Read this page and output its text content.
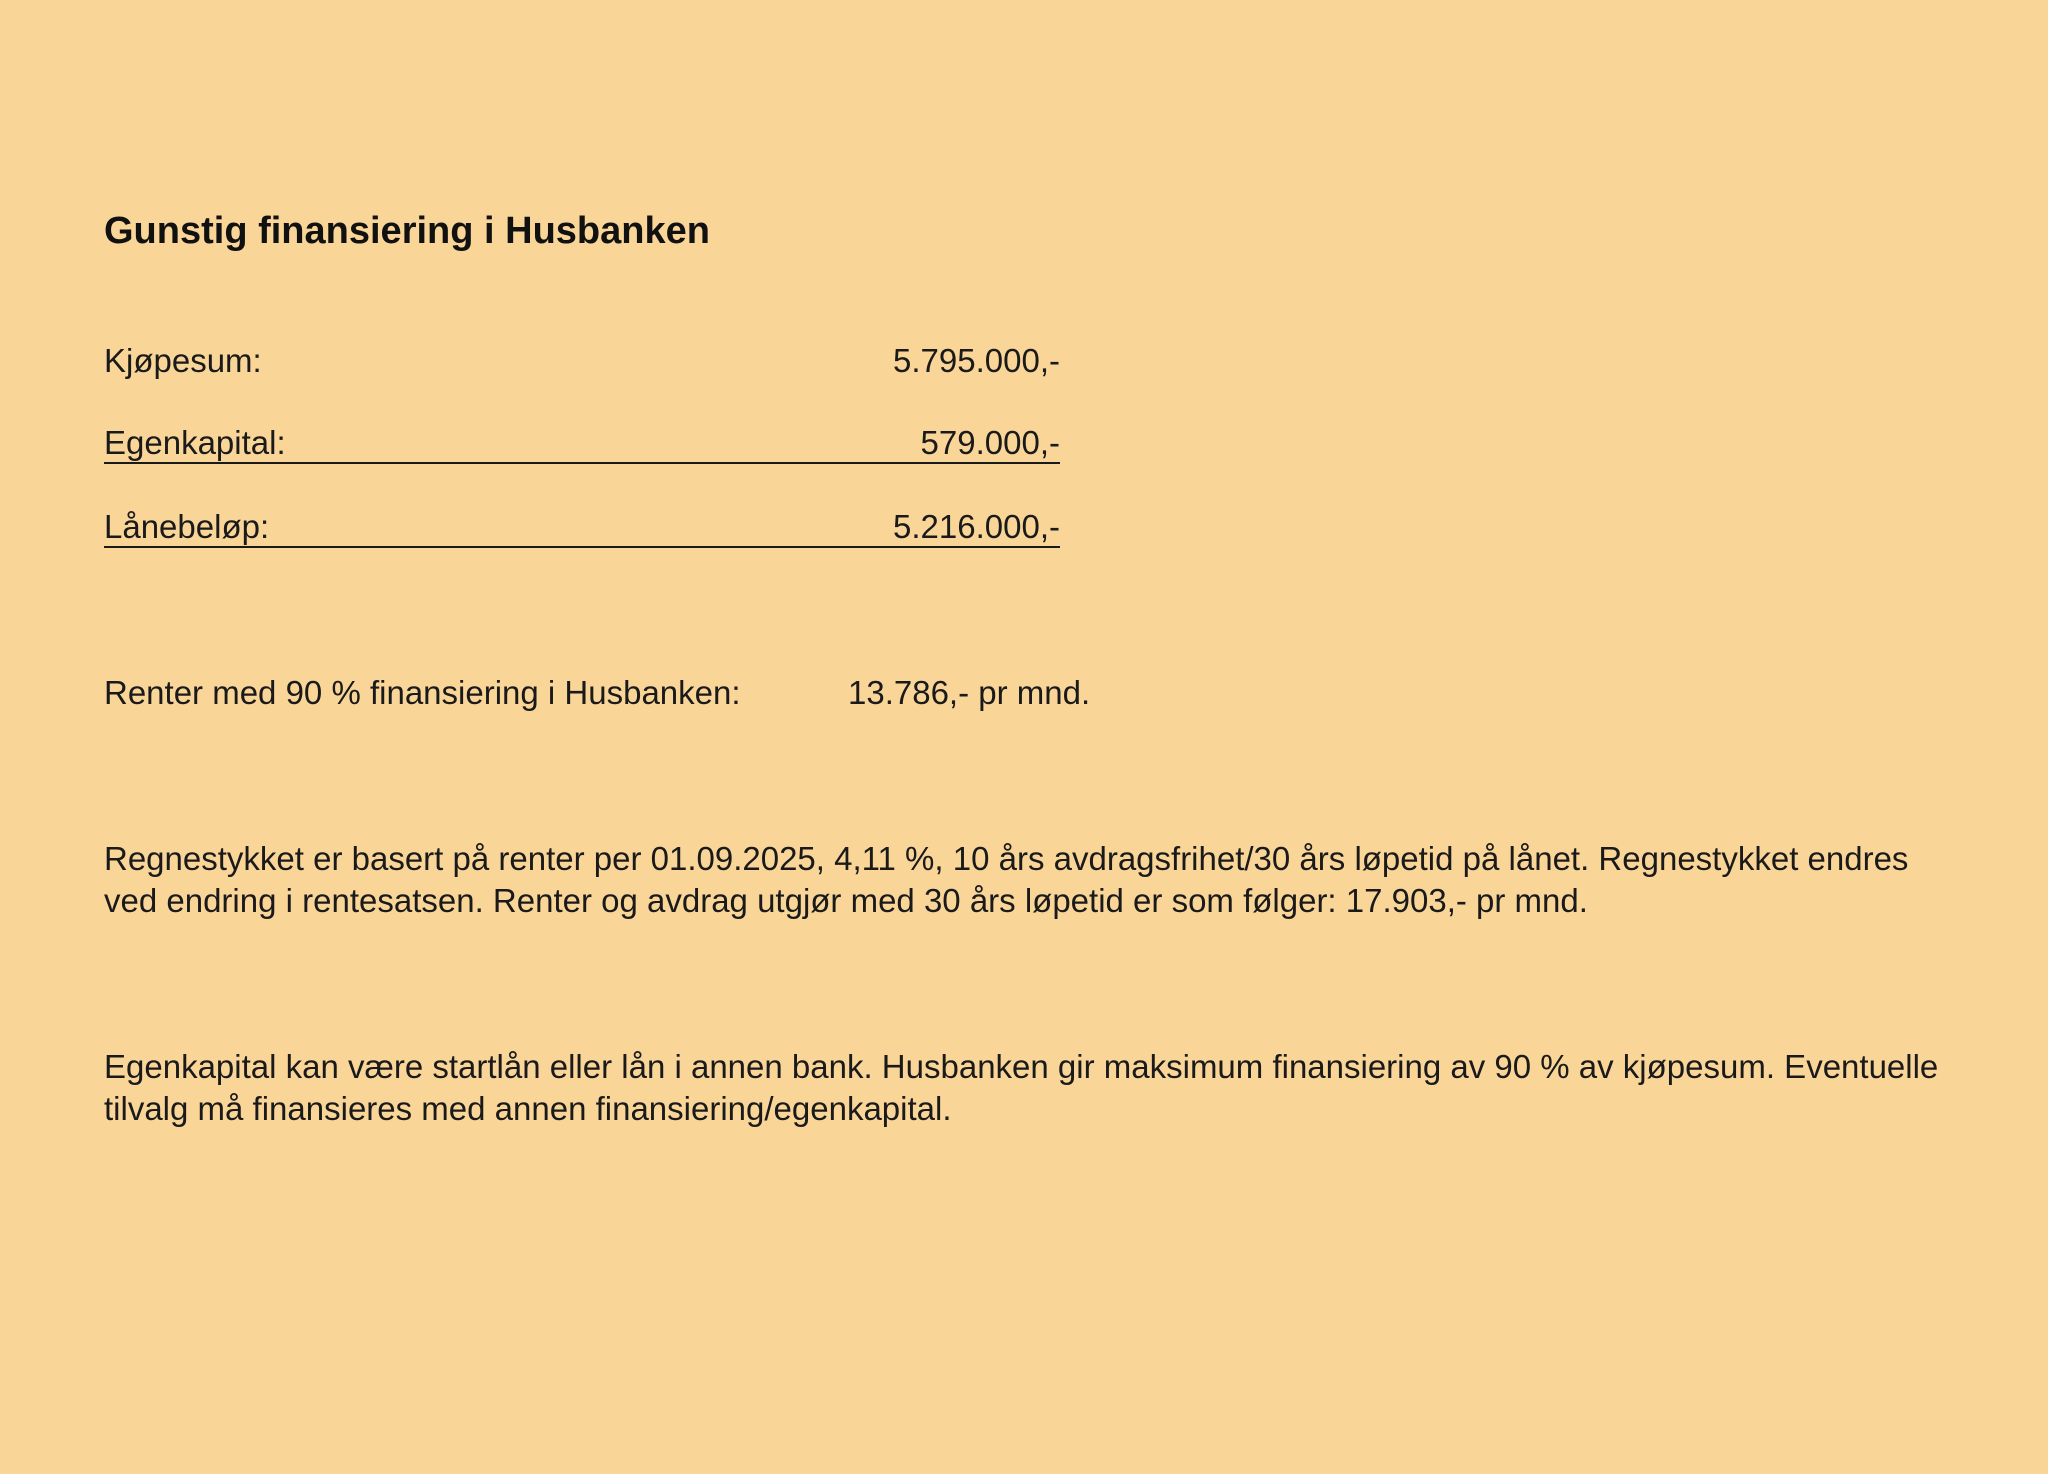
Gunstig finansiering i Husbanken
Kjøpesum:	5.795.000,-
Egenkapital:	579.000,-
Lånebeløp:	5.216.000,-
Renter med 90 % finansiering i Husbanken:	13.786,- pr mnd.

Regnestykket er basert på renter per 01.09.2025, 4,11 %, 10 års avdragsfrihet/30 års løpetid på lånet. Regnestykket endres ved endring i rentesatsen. Renter og avdrag utgjør med 30 års løpetid er som følger: 17.903,- pr mnd.

Egenkapital kan være startlån eller lån i annen bank. Husbanken gir maksimum finansiering av 90 % av kjøpesum. Eventuelle tilvalg må finansieres med annen finansiering/egenkapital.
